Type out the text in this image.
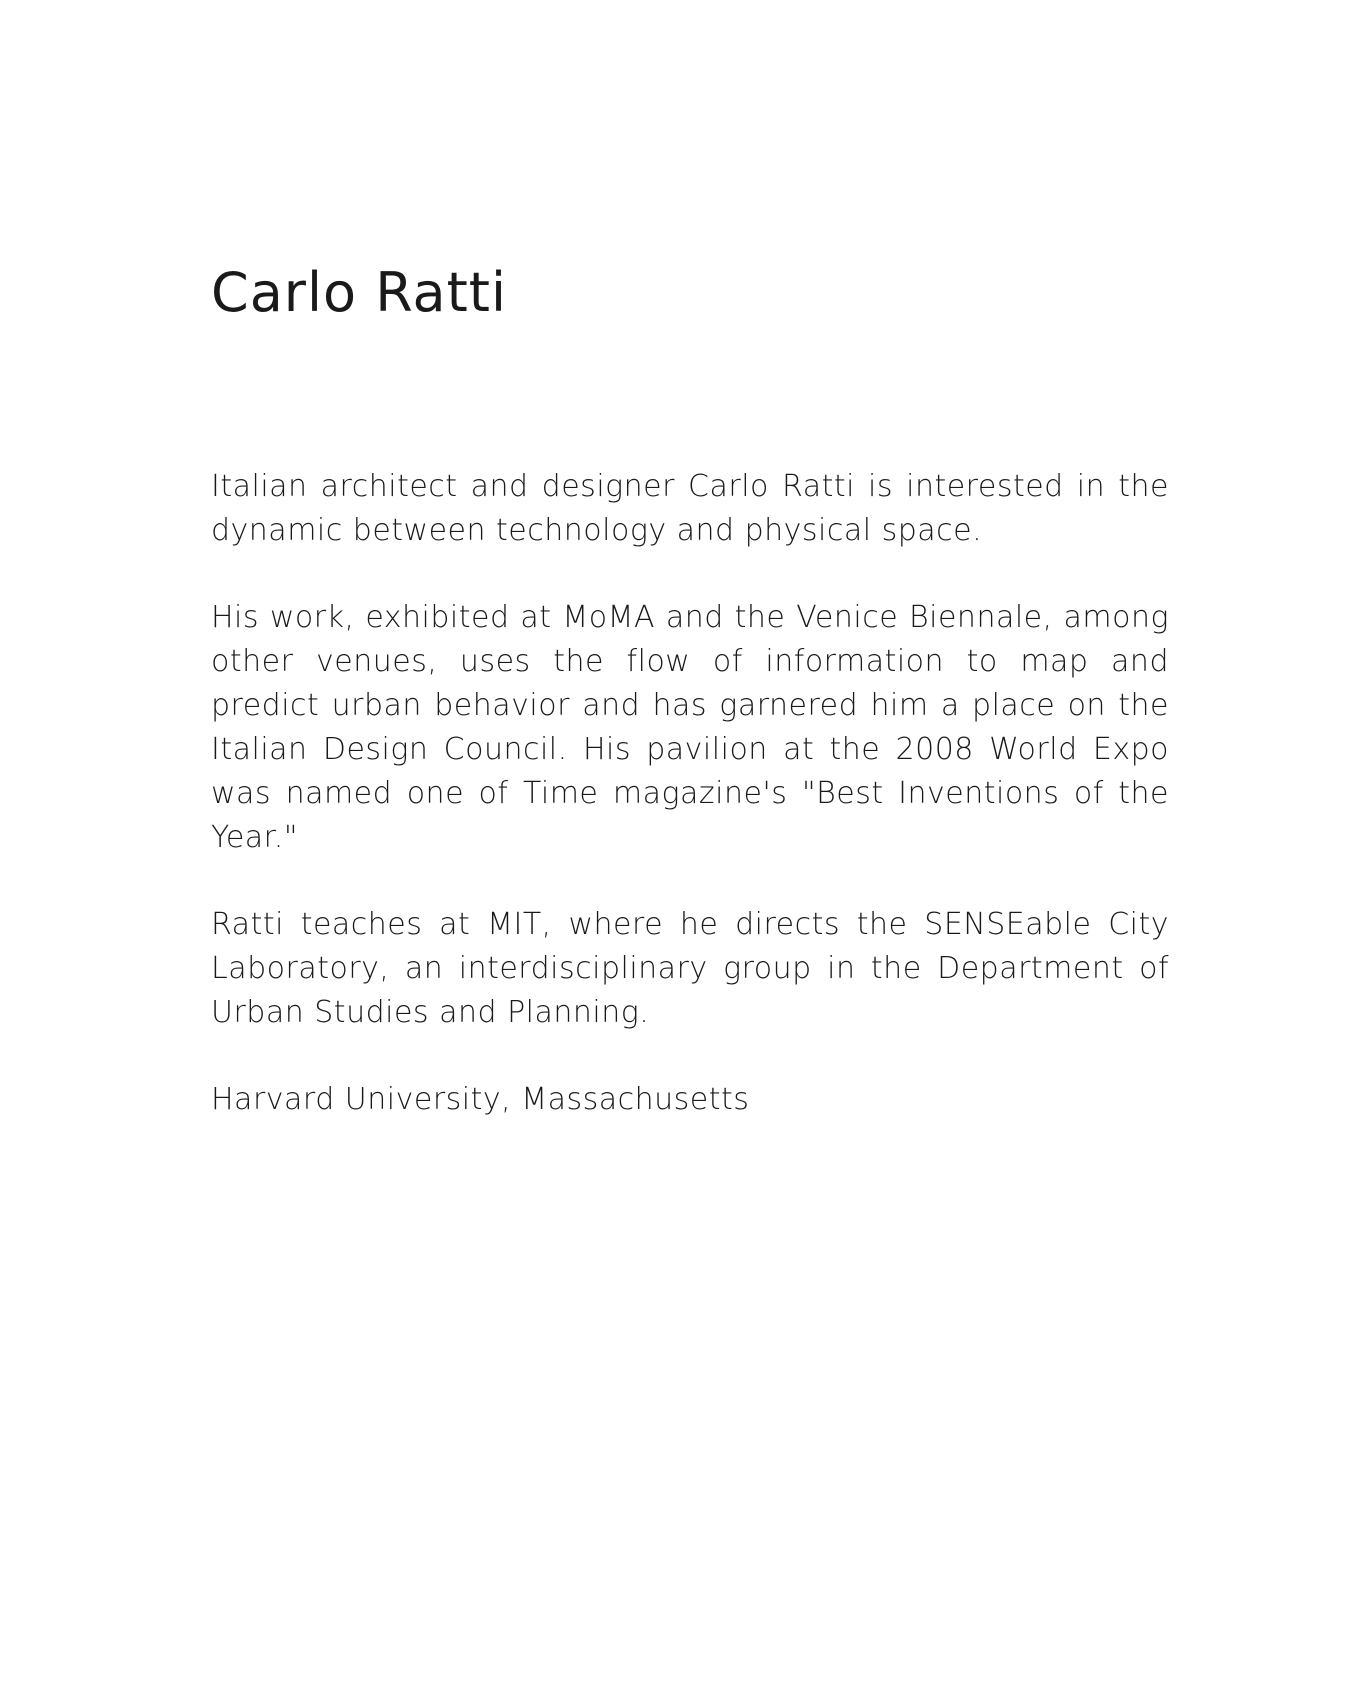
Carlo Ratti

Italian architect and designer Carlo Ratti is interested in the dynamic between technology and physical space.

His work, exhibited at MoMA and the Venice Biennale, among other venues, uses the flow of information to map and predict urban behavior and has garnered him a place on the Italian Design Council. His pavilion at the 2008 World Expo was named one of Time magazine's "Best Inventions of the Year."

Ratti teaches at MIT, where he directs the SENSEable City Laboratory, an interdisciplinary group in the Department of Urban Studies and Planning.

Harvard University, Massachusetts
